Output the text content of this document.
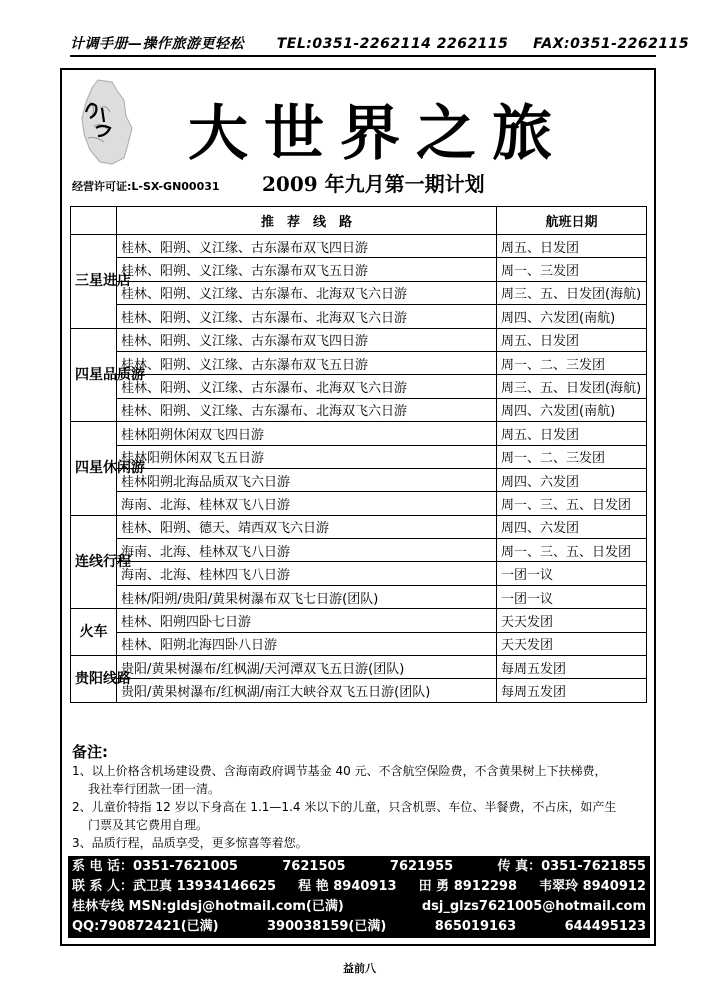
计调手册—操作旅游更轻松 TEL:0351-2262114 2262115 FAX:0351-2262115
大世界之旅
经营许可证:L-SX-GN00031 2009 年九月第一期计划
	推　荐　线　路	航班日期
三星进店	桂林、阳朔、义江缘、古东瀑布双飞四日游	周五、日发团
	桂林、阳朔、义江缘、古东瀑布双飞五日游	周一、三发团
	桂林、阳朔、义江缘、古东瀑布、北海双飞六日游	周三、五、日发团(海航)
	桂林、阳朔、义江缘、古东瀑布、北海双飞六日游	周四、六发团(南航)
四星品质游	桂林、阳朔、义江缘、古东瀑布双飞四日游	周五、日发团
	桂林、阳朔、义江缘、古东瀑布双飞五日游	周一、二、三发团
	桂林、阳朔、义江缘、古东瀑布、北海双飞六日游	周三、五、日发团(海航)
	桂林、阳朔、义江缘、古东瀑布、北海双飞六日游	周四、六发团(南航)
四星休闲游	桂林阳朔休闲双飞四日游	周五、日发团
	桂林阳朔休闲双飞五日游	周一、二、三发团
	桂林阳朔北海品质双飞六日游	周四、六发团
	海南、北海、桂林双飞八日游	周一、三、五、日发团
连线行程	桂林、阳朔、德天、靖西双飞六日游	周四、六发团
	海南、北海、桂林双飞八日游	周一、三、五、日发团
	海南、北海、桂林四飞八日游	一团一议
	桂林/阳朔/贵阳/黄果树瀑布双飞七日游(团队)	一团一议
火车	桂林、阳朔四卧七日游	天天发团
	桂林、阳朔北海四卧八日游	天天发团
贵阳线路	贵阳/黄果树瀑布/红枫湖/天河潭双飞五日游(团队)	每周五发团
	贵阳/黄果树瀑布/红枫湖/南江大峡谷双飞五日游(团队)	每周五发团

备注:

1、以上价格含机场建设费、含海南政府调节基金 40 元、不含航空保险费，不含黄果树上下扶梯费，

我社奉行团款一团一清。

2、儿童价特指 12 岁以下身高在 1.1—1.4 米以下的儿童，只含机票、车位、半餐费，不占床，如产生

门票及其它费用自理。

3、品质行程，品质享受，更多惊喜等着您。

系 电 话：0351-7621005	7621505	7621955	传 真：0351-7621855
联 系 人：武卫真 13934146625 程 艳 8940913 田 勇 8912298 韦翠玲 8940912
桂林专线 MSN:gldsj@hotmail.com(已满)	dsj_glzs7621005@hotmail.com
QQ:790872421(已满)	390038159(已满)	865019163	644495123
益前八
